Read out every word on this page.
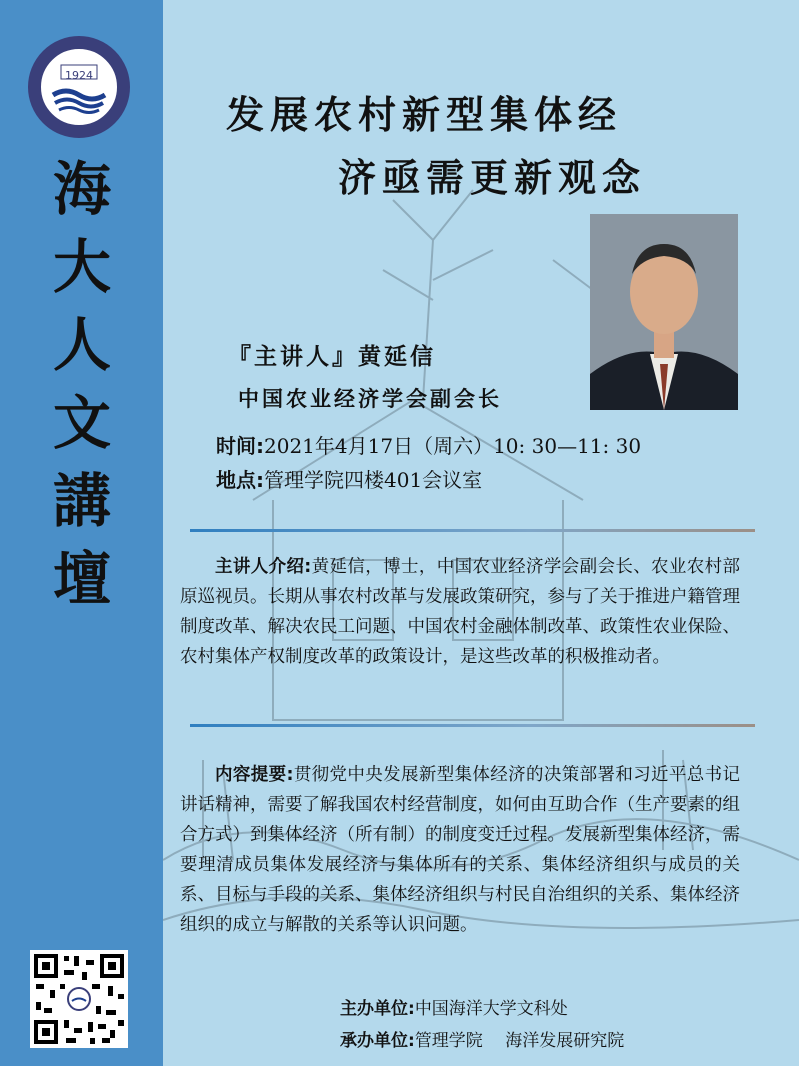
1924
海
大
人
文
講
壇
发展农村新型集体经
济亟需更新观念
『主讲人』黄延信
中国农业经济学会副会长
时间:2021年4月17日（周六）10: 30—11: 30
地点:管理学院四楼401会议室
主讲人介绍:黄延信，博士，中国农业经济学会副会长、农业农村部原巡视员。长期从事农村改革与发展政策研究，参与了关于推进户籍管理制度改革、解决农民工问题、中国农村金融体制改革、政策性农业保险、农村集体产权制度改革的政策设计，是这些改革的积极推动者。
内容提要:贯彻党中央发展新型集体经济的决策部署和习近平总书记讲话精神，需要了解我国农村经营制度，如何由互助合作（生产要素的组合方式）到集体经济（所有制）的制度变迁过程。发展新型集体经济，需要理清成员集体发展经济与集体所有的关系、集体经济组织与成员的关系、目标与手段的关系、集体经济组织与村民自治组织的关系、集体经济组织的成立与解散的关系等认识问题。
主办单位:中国海洋大学文科处
承办单位:管理学院　 海洋发展研究院
